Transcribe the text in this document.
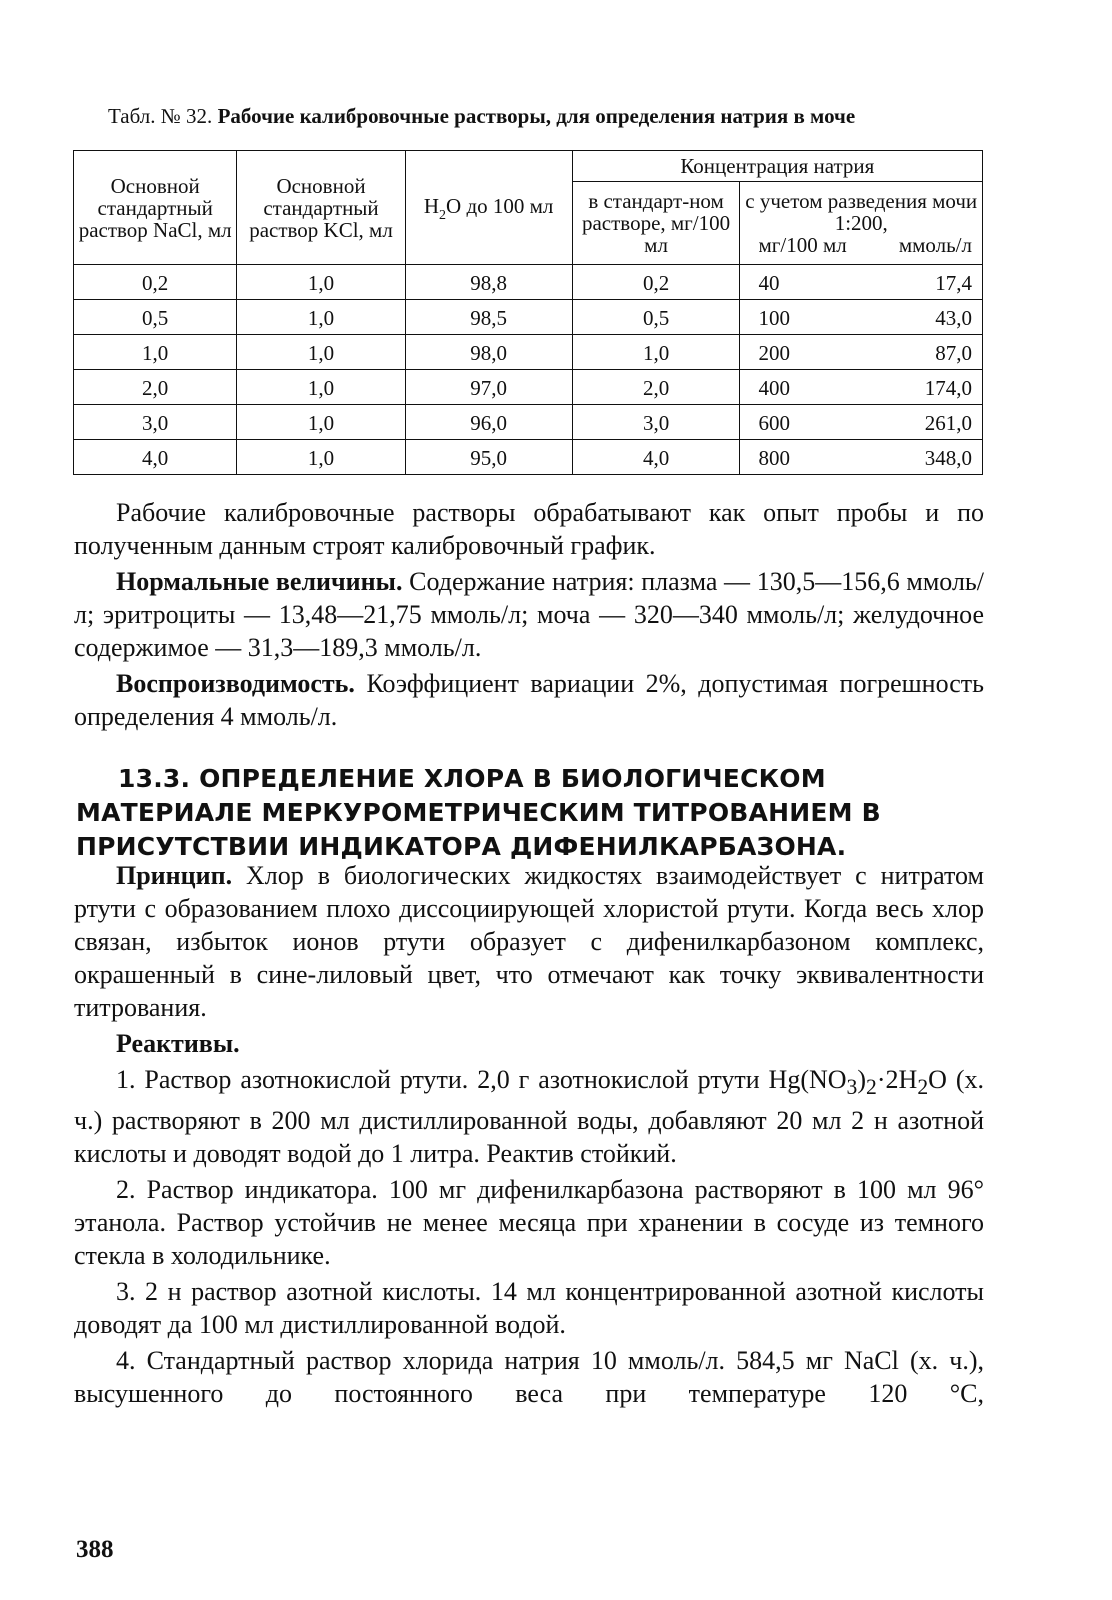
Табл. № 32. Рабочие калибровочные растворы, для определения натрия в моче
Основной стандартный раствор NaCl, мл	Основной стандартный раствор KCl, мл	$H_2O$ до 100 мл	Концентрация натрия	
			в стандарт-ном растворе, мг/100 мл	с учетом разведения мочи 1:200,
мг/100 мл ммоль/л

0,2	1,0	98,8	0,2	40 17,4

0,5	1,0	98,5	0,5	100 43,0

1,0	1,0	98,0	1,0	200 87,0

2,0	1,0	97,0	2,0	400 174,0

3,0	1,0	96,0	3,0	600 261,0

4,0	1,0	95,0	4,0	800 348,0

Рабочие калибровочные растворы обрабатывают как опыт пробы и по полученным данным строят калибровочный график.

Нормальные величины. Содержание натрия: плазма — 130,5—156,6 ммоль/л; эритроциты — 13,48—21,75 ммоль/л; моча — 320—340 ммоль/л; желудочное содержимое — 31,3—189,3 ммоль/л.

Воспроизводимость. Коэффициент вариации 2%, допустимая погрешность определения 4 ммоль/л.

13.3. ОПРЕДЕЛЕНИЕ ХЛОРА В БИОЛОГИЧЕСКОМ МАТЕРИАЛЕ МЕРКУРОМЕТРИЧЕСКИМ ТИТРОВАНИЕМ В ПРИСУТСТВИИ ИНДИКАТОРА ДИФЕНИЛКАРБАЗОНА.

Принцип. Хлор в биологических жидкостях взаимодействует с нитратом ртути с образованием плохо диссоциирующей хлористой ртути. Когда весь хлор связан, избыток ионов ртути образует с дифенилкарбазоном комплекс, окрашенный в сине-лиловый цвет, что отмечают как точку эквивалентности титрования.

Реактивы.

1. Раствор азотнокислой ртути. 2,0 г азотнокислой ртути $Hg(NO_3)_2\cdot 2H_2O$ (х. ч.) растворяют в 200 мл дистиллированной воды, добавляют 20 мл 2 н азотной кислоты и доводят водой до 1 литра. Реактив стойкий.

2. Раствор индикатора. 100 мг дифенилкарбазона растворяют в 100 мл 96° этанола. Раствор устойчив не менее месяца при хранении в сосуде из темного стекла в холодильнике.

3. 2 н раствор азотной кислоты. 14 мл концентрированной азотной кислоты доводят да 100 мл дистиллированной водой.

4. Стандартный раствор хлорида натрия 10 ммоль/л. 584,5 мг NaCl (х. ч.), высушенного до постоянного веса при температуре 120 °С,

388
